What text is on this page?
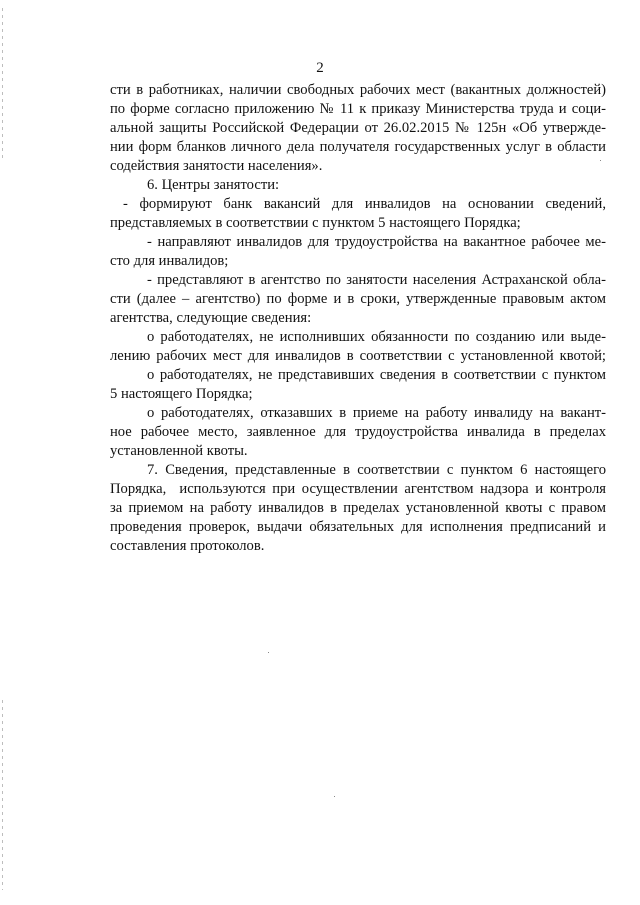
2
сти в работниках, наличии свободных рабочих мест (вакантных должностей)
по форме согласно приложению № 11 к приказу Министерства труда и соци-
альной защиты Российской Федерации от 26.02.2015 № 125н «Об утвержде-
нии форм бланков личного дела получателя государственных услуг в области
содействия занятости населения».
6. Центры занятости:
- формируют банк вакансий для инвалидов на основании сведений,
представляемых в соответствии с пунктом 5 настоящего Порядка;
- направляют инвалидов для трудоустройства на вакантное рабочее ме-
сто для инвалидов;
- представляют в агентство по занятости населения Астраханской обла-
сти (далее – агентство) по форме и в сроки, утвержденные правовым актом
агентства, следующие сведения:
о работодателях, не исполнивших обязанности по созданию или выде-
лению рабочих мест для инвалидов в соответствии с установленной квотой;
о работодателях, не представивших сведения в соответствии с пунктом
5 настоящего Порядка;
о работодателях, отказавших в приеме на работу инвалиду на вакант-
ное рабочее место, заявленное для трудоустройства инвалида в пределах
установленной квоты.
7. Сведения, представленные в соответствии с пунктом 6 настоящего
Порядка,  используются при осуществлении агентством надзора и контроля
за приемом на работу инвалидов в пределах установленной квоты с правом
проведения проверок, выдачи обязательных для исполнения предписаний и
составления протоколов.
